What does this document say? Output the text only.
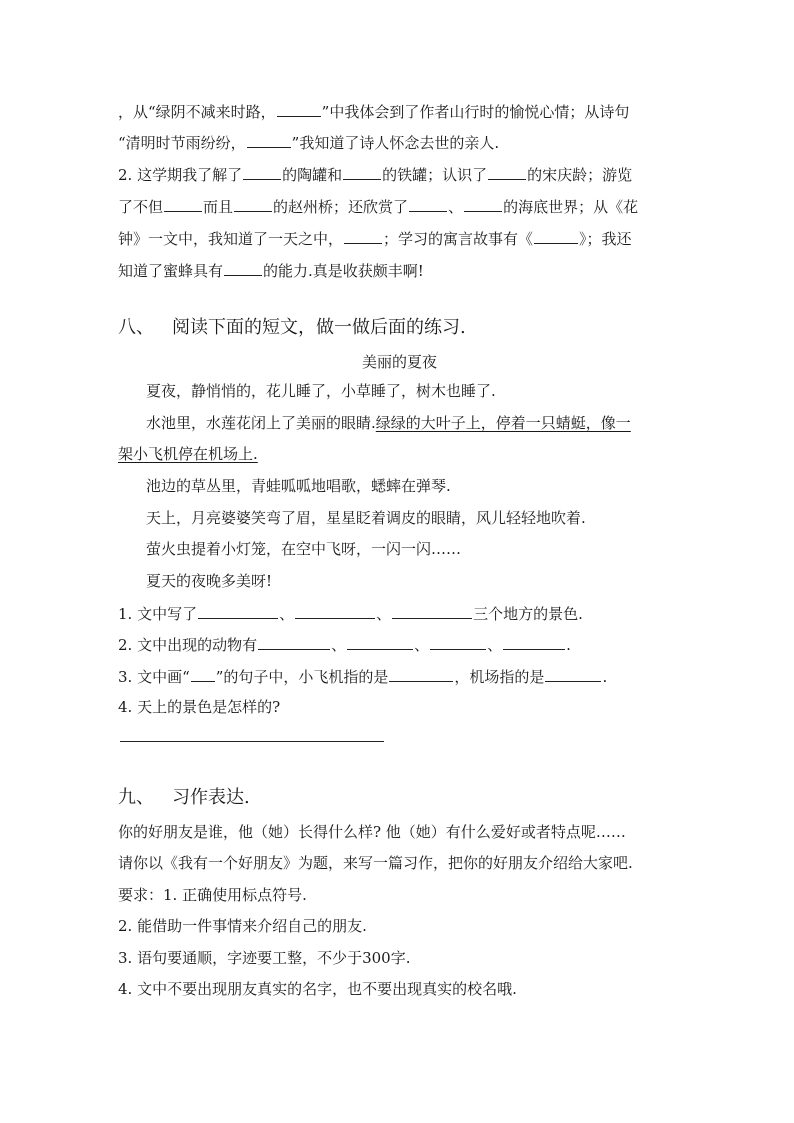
，从“绿阴不减来时路，	”中我体会到了作者山行时的愉悦心情；从诗句
“清明时节雨纷纷，	”我知道了诗人怀念去世的亲人.
2. 这学期我了解了	的陶罐和	的铁罐；认识了	的宋庆龄；游览
了不但	而且	的赵州桥；还欣赏了	、	的海底世界；从《花
钟》一文中，我知道了一天之中，	；学习的寓言故事有《	》；我还
知道了蜜蜂具有	的能力.真是收获颇丰啊!
八、 阅读下面的短文，做一做后面的练习.
美丽的夏夜
夏夜，静悄悄的，花儿睡了，小草睡了，树木也睡了.
水池里，水莲花闭上了美丽的眼睛.绿绿的大叶子上，停着一只蜻蜓，像一
架小飞机停在机场上.
池边的草丛里，青蛙呱呱地唱歌，蟋蟀在弹琴.
天上，月亮婆婆笑弯了眉，星星眨着调皮的眼睛，风儿轻轻地吹着.
萤火虫提着小灯笼，在空中飞呀，一闪一闪……
夏天的夜晚多美呀!
1. 文中写了	、	、	三个地方的景色.
2. 文中出现的动物有	、	、	、	.
3. 文中画“ ”的句子中，小飞机指的是	，机场指的是	.
4. 天上的景色是怎样的?
九、 习作表达.
你的好朋友是谁，他（她）长得什么样? 他（她）有什么爱好或者特点呢……
请你以《我有一个好朋友》为题，来写一篇习作，把你的好朋友介绍给大家吧.
要求：1. 正确使用标点符号.
2. 能借助一件事情来介绍自己的朋友.
3. 语句要通顺，字迹要工整，不少于300字.
4. 文中不要出现朋友真实的名字，也不要出现真实的校名哦.
